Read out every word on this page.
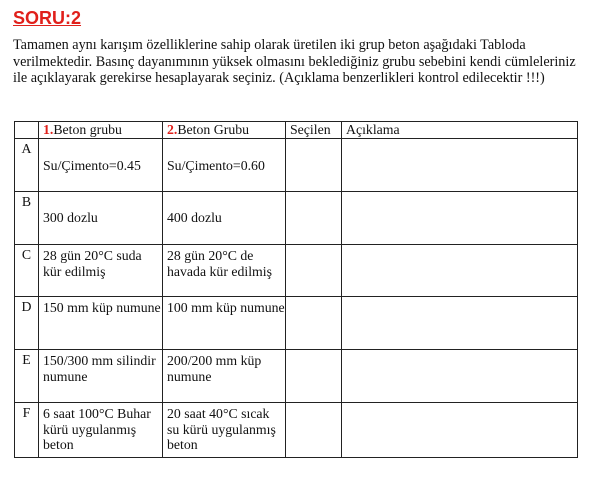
SORU:2
Tamamen aynı karışım özelliklerine sahip olarak üretilen iki grup beton aşağıdaki Tabloda verilmektedir. Basınç dayanımının yüksek olmasını beklediğiniz grubu sebebini kendi cümleleriniz ile açıklayarak gerekirse hesaplayarak seçiniz. (Açıklama benzerlikleri kontrol edilecektir !!!)
	1.Beton grubu	2.Beton Grubu	Seçilen	Açıklama
A	Su/Çimento=0.45	Su/Çimento=0.60		
B	300 dozlu	400 dozlu		
C	28 gün 20°C suda kür edilmiş	28 gün 20°C de havada kür edilmiş		
D	150 mm küp numune	100 mm küp numune		
E	150/300 mm silindir numune	200/200 mm küp numune		
F	6 saat 100°C Buhar kürü uygulanmış beton	20 saat 40°C sıcak su kürü uygulanmış beton		
